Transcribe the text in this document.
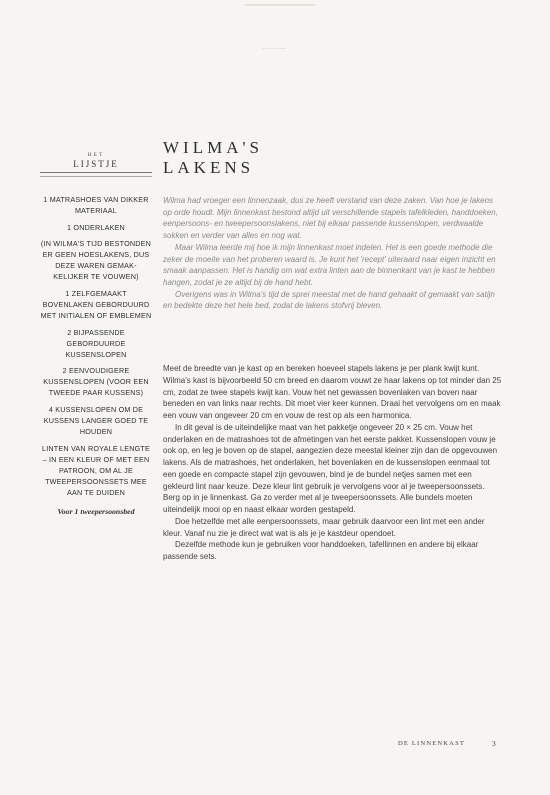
HET
LIJSTJE
1 MATRASHOES VAN DIKKER MATERIAAL
1 ONDERLAKEN
(IN WILMA'S TIJD BESTONDEN ER GEEN HOESLAKENS, DUS DEZE WAREN GEMAK-KELIJKER TE VOUWEN)
1 ZELFGEMAAKT BOVENLAKEN GEBORDUURD MET INITIALEN OF EMBLEMEN
2 BIJPASSENDE GEBORDUURDE KUSSENSLOPEN
2 EENVOUDIGERE KUSSENSLOPEN (VOOR EEN TWEEDE PAAR KUSSENS)
4 KUSSENSLOPEN OM DE KUSSENS LANGER GOED TE HOUDEN
LINTEN VAN ROYALE LENGTE – IN EEN KLEUR OF MET EEN PATROON, OM AL JE TWEEPERSOONSSETS MEE AAN TE DUIDEN
Voor 1 tweepersoonsbed
WILMA'S
LAKENS

Wilma had vroeger een linnenzaak, dus ze heeft verstand van deze zaken. Van hoe je lakens op orde houdt. Mijn linnenkast bestond altijd uit verschillende stapels tafelkleden, handdoeken, eenpersoons- en tweepersoonslakens, niet bij elkaar passende kussenslopen, verdwaalde sokken en verder van alles en nog wat.

Maar Wilma leerde mij hoe ik mijn linnenkast moet indelen. Het is een goede methode die zeker de moeite van het proberen waard is. Je kunt het 'recept' uiteraard naar eigen inzicht en smaak aanpassen. Het is handig om wat extra linten aan de binnenkant van je kast te hebben hangen, zodat je ze altijd bij de hand hebt.

Overigens was in Wilma's tijd de sprei meestal met de hand gehaakt of gemaakt van satijn en bedekte deze het hele bed, zodat de lakens stofvrij bleven.

Meet de breedte van je kast op en bereken hoeveel stapels lakens je per plank kwijt kunt. Wilma's kast is bijvoorbeeld 50 cm breed en daarom vouwt ze haar lakens op tot minder dan 25 cm, zodat ze twee stapels kwijt kan. Vouw het net gewassen bovenlaken van boven naar beneden en van links naar rechts. Dit moet vier keer kunnen. Draai het vervolgens om en maak een vouw van ongeveer 20 cm en vouw de rest op als een harmonica.

In dit geval is de uiteindelijke maat van het pakketje ongeveer 20 × 25 cm. Vouw het onderlaken en de matrashoes tot de afmetingen van het eerste pakket. Kussenslopen vouw je ook op, en leg je boven op de stapel, aangezien deze meestal kleiner zijn dan de opgevouwen lakens. Als de matrashoes, het onderlaken, het bovenlaken en de kussenslopen eenmaal tot een goede en compacte stapel zijn gevouwen, bind je de bundel netjes samen met een gekleurd lint naar keuze. Deze kleur lint gebruik je vervolgens voor al je tweepersoonssets. Berg op in je linnenkast. Ga zo verder met al je tweepersoonssets. Alle bundels moeten uiteindelijk mooi op en naast elkaar worden gestapeld.

Doe hetzelfde met alle eenpersoonssets, maar gebruik daarvoor een lint met een ander kleur. Vanaf nu zie je direct wat wat is als je je kastdeur opendoet.

Dezelfde methode kun je gebruiken voor handdoeken, tafellinnen en andere bij elkaar passende sets.

DE LINNENKAST	3
